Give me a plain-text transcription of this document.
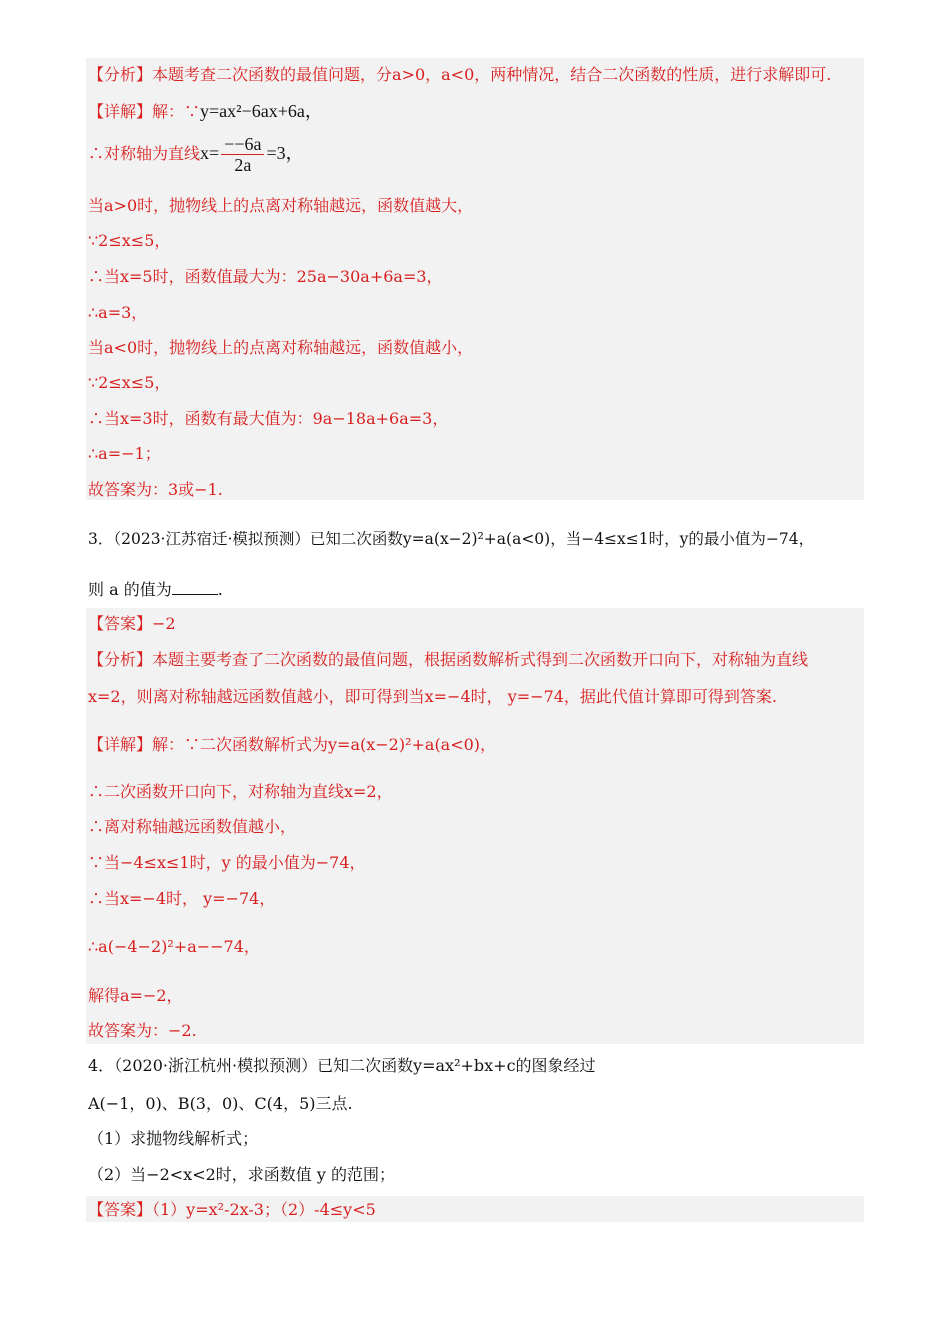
【分析】本题考查二次函数的最值问题，分a>0，a<0，两种情况，结合二次函数的性质，进行求解即可.
【详解】解：∵y=ax²−6ax+6a，
∴对称轴为直线$x= \frac{--6a}{2a} =3$，
当a>0时，抛物线上的点离对称轴越远，函数值越大，
∵2≤x≤5，
∴当x=5时，函数值最大为：25a−30a+6a=3，
∴a=3，
当a<0时，抛物线上的点离对称轴越远，函数值越小，
∵2≤x≤5，
∴当x=3时，函数有最大值为：9a−18a+6a=3，
∴a=−1；
故答案为：3或−1.
3．（2023·江苏宿迁·模拟预测）已知二次函数y=a(x−2)²+a(a<0)，当−4≤x≤1时，y的最小值为−74，
则 a 的值为	.
【答案】−2
【分析】本题主要考查了二次函数的最值问题，根据函数解析式得到二次函数开口向下，对称轴为直线
x=2，则离对称轴越远函数值越小，即可得到当x=−4时， y=−74，据此代值计算即可得到答案.
【详解】解：∵二次函数解析式为y=a(x−2)²+a(a<0)，
∴二次函数开口向下，对称轴为直线x=2，
∴离对称轴越远函数值越小，
∵当−4≤x≤1时，y 的最小值为−74，
∴当x=−4时， y=−74，
∴a(−4−2)²+a−−74，
解得a=−2，
故答案为：−2.
4．（2020·浙江杭州·模拟预测）已知二次函数y=ax²+bx+c的图象经过
A(−1，0)、B(3，0)、C(4，5)三点.
（1）求抛物线解析式；
（2）当−2<x<2时，求函数值 y 的范围；
【答案】（1）y=x²-2x-3；（2）-4≤y<5
